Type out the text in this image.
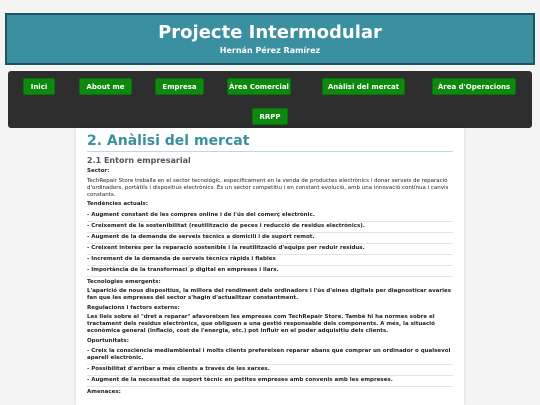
Projecte Intermodular
Hernán Pérez Ramírez
Inici	About me	Empresa	Àrea Comercial	Anàlisi del mercat	Àrea d'Operacions
RRPP
2. Anàlisi del mercat
2.1 Entorn empresarial
Sector:
TechRepair Store treballa en el sector tecnològic, especificament en la venda de productes electrònics i donar serveis de reparació d'ordinadors, portàtils i dispositius electrònics. És un sector competitiu i en constant evolució, amb una innovació contínua i canvis constants.
Tendències actuals:
- Augment constant de les compres online i de l'ús del comerç electrònic.
- Creixement de la sostenibilitat (reutilització de peces i reducció de residus electrònics).
- Augment de la demanda de serveis tècnics a domicili i de suport remot.
- Creixent interès per la reparació sostenible i la reutilització d'equips per reduir residus.
- Increment de la demanda de serveis tècnics ràpids i fiables
- Importància de la transformaci´p digital en empreses i llars.
Tecnologies emergents:
L'aparició de nous dispositius, la millora del rendiment dels ordinadors i l'ús d'eines digitals per diagnosticar avaries fan que les empreses del sector s'hagin d'actualitzar constantment.
Regulacions i factors externs:
Les lleis sobre el "dret a reparar" afavoreixen les empreses com TechRepair Store. També hi ha normes sobre el tractament dels residus electrònics, que obliguen a una gestió responsable dels components. A més, la situació econòmica general (inflació, cost de l'energia, etc.) pot influir en el poder adquisitiu dels clients.
Oportunitats:
- Creix la consciència mediambiental i molts clients prefereixen reparar abans que comprar un ordinador o qualsevol aparell electrònic.
- Possibilitat d'arribar a més clients a través de les xarxes.
- Augment de la necessitat de suport tècnic en petites empreses amb convenis amb les empreses.
Amenaces:
